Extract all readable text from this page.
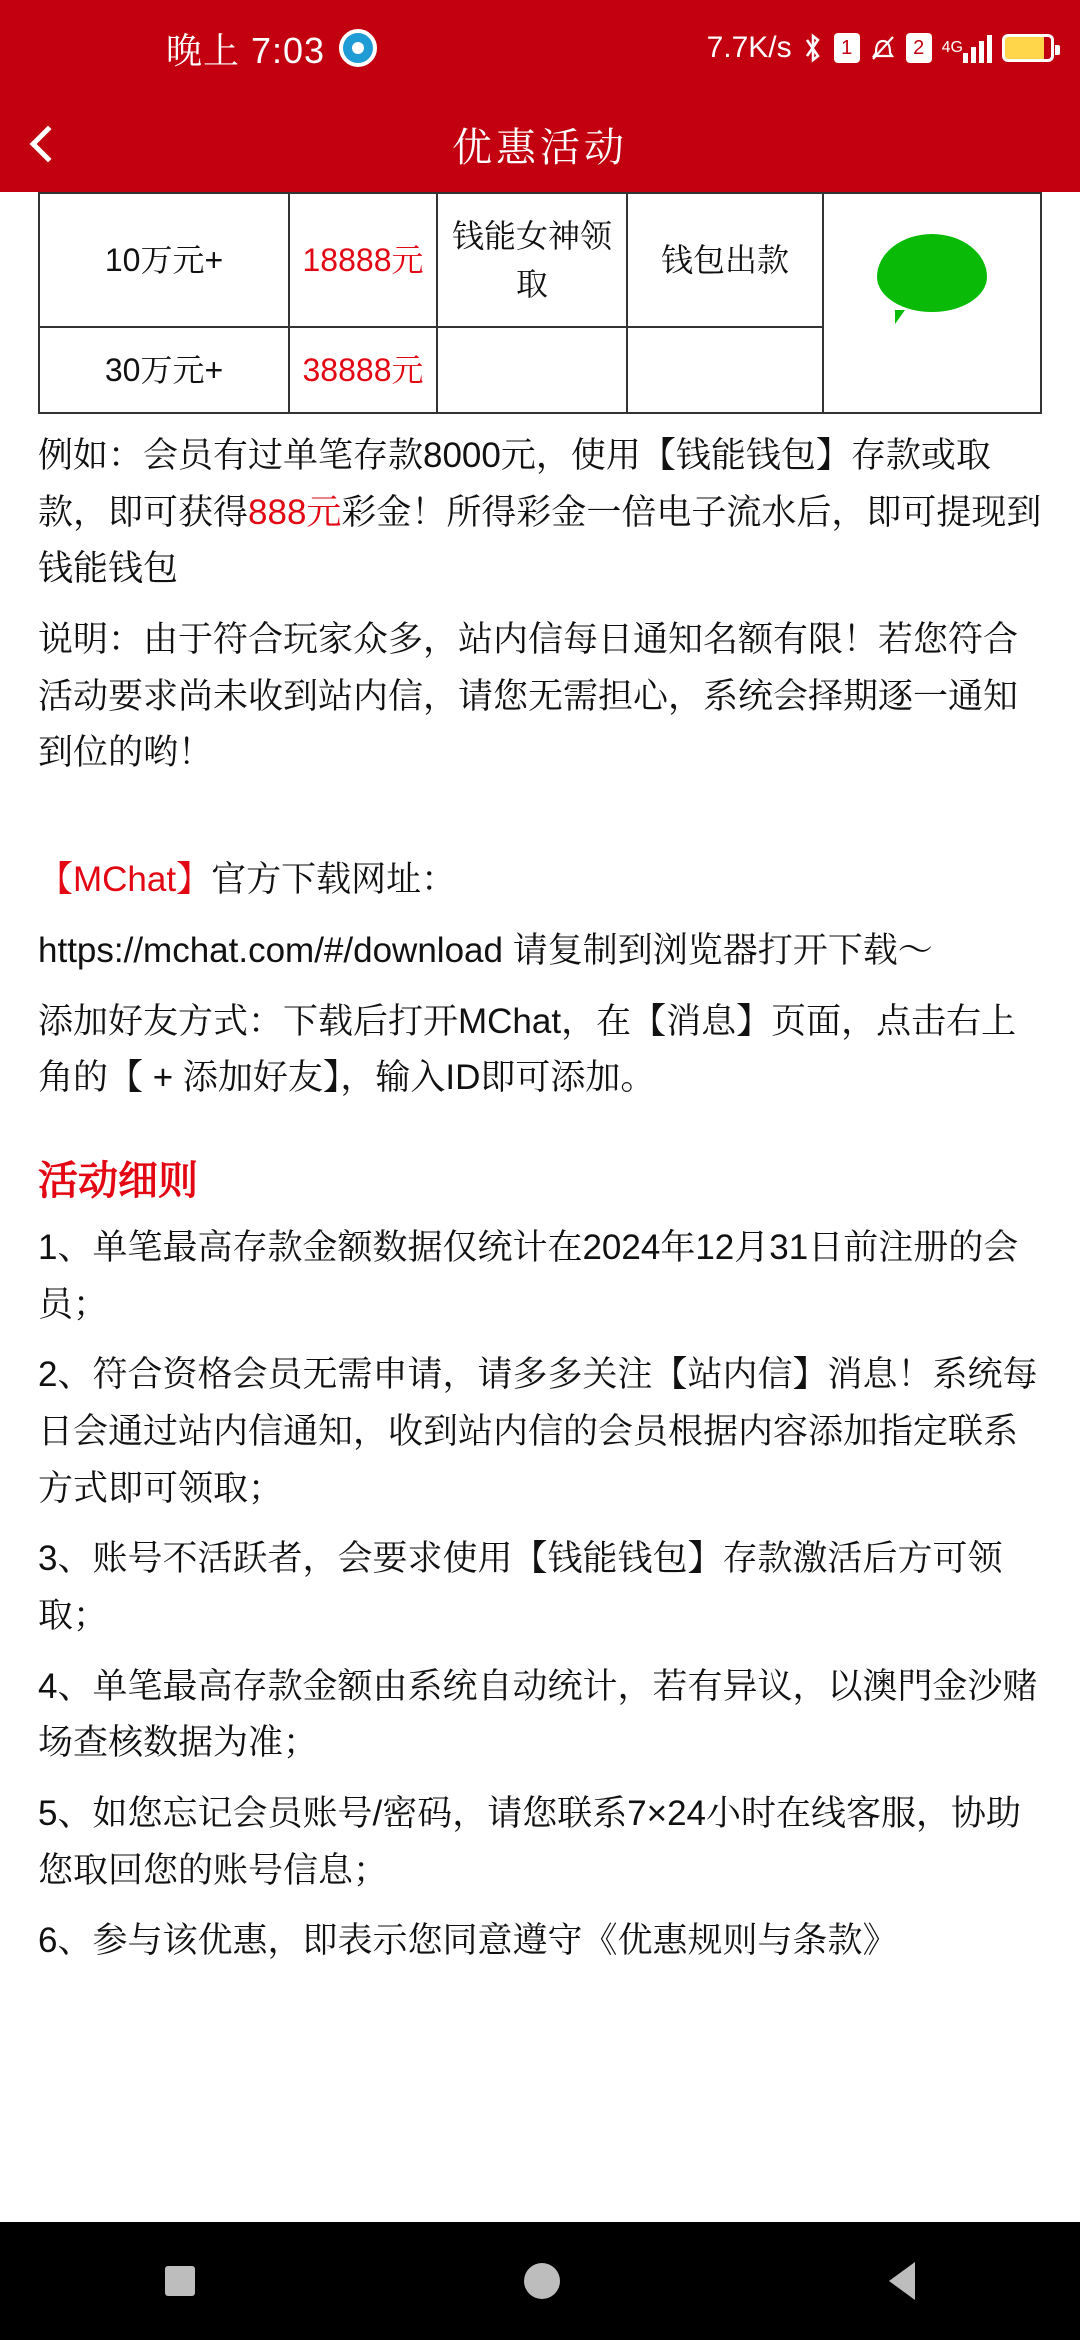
晚上 7:03	7.7K/s	1	2	4G
优惠活动
10万元+	18888元	钱能女神领取	钱包出款	

30万元+	38888元			

例如：会员有过单笔存款8000元，使用【钱能钱包】存款或取款，即可获得888元彩金！所得彩金一倍电子流水后，即可提现到钱能钱包

说明：由于符合玩家众多，站内信每日通知名额有限！若您符合活动要求尚未收到站内信，请您无需担心，系统会择期逐一通知到位的哟！

【MChat】官方下载网址：

https://mchat.com/#/download 请复制到浏览器打开下载～

添加好友方式：下载后打开MChat，在【消息】页面，点击右上角的【 + 添加好友】，输入ID即可添加。

活动细则

1、单笔最高存款金额数据仅统计在2024年12月31日前注册的会员；

2、符合资格会员无需申请，请多多关注【站内信】消息！系统每日会通过站内信通知，收到站内信的会员根据内容添加指定联系方式即可领取；

3、账号不活跃者，会要求使用【钱能钱包】存款激活后方可领取；

4、单笔最高存款金额由系统自动统计，若有异议，以澳門金沙赌场查核数据为准；

5、如您忘记会员账号/密码，请您联系7×24小时在线客服，协助您取回您的账号信息；

6、参与该优惠，即表示您同意遵守《优惠规则与条款》
